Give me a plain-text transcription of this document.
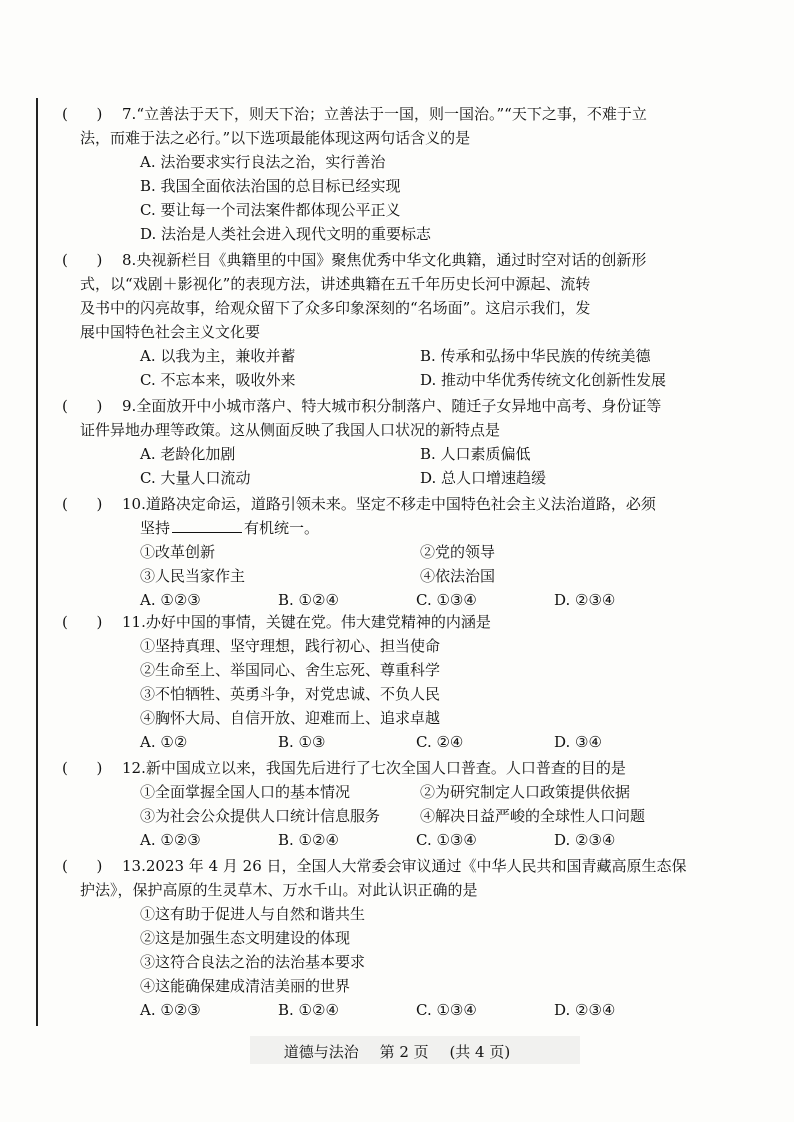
(      )	7.“立善法于天下，则天下治；立善法于一国，则一国治。”“天下之事，不难于立
法，而难于法之必行。”以下选项最能体现这两句话含义的是
A. 法治要求实行良法之治，实行善治
B. 我国全面依法治国的总目标已经实现
C. 要让每一个司法案件都体现公平正义
D. 法治是人类社会进入现代文明的重要标志
(      )	8.央视新栏目《典籍里的中国》聚焦优秀中华文化典籍，通过时空对话的创新形
式，以“戏剧＋影视化”的表现方法，讲述典籍在五千年历史长河中源起、流转
及书中的闪亮故事，给观众留下了众多印象深刻的“名场面”。这启示我们，发
展中国特色社会主义文化要
A. 以我为主，兼收并蓄	B. 传承和弘扬中华民族的传统美德
C. 不忘本来，吸收外来	D. 推动中华优秀传统文化创新性发展
(      )	9.全面放开中小城市落户、特大城市积分制落户、随迁子女异地中高考、身份证等
证件异地办理等政策。这从侧面反映了我国人口状况的新特点是
A. 老龄化加剧	B. 人口素质偏低
C. 大量人口流动	D. 总人口增速趋缓
(      )	10.道路决定命运，道路引领未来。坚定不移走中国特色社会主义法治道路，必须
坚持	有机统一。
①改革创新	②党的领导
③人民当家作主	④依法治国
A. ①②③	B. ①②④	C. ①③④	D. ②③④
(      )	11.办好中国的事情，关键在党。伟大建党精神的内涵是
①坚持真理、坚守理想，践行初心、担当使命
②生命至上、举国同心、舍生忘死、尊重科学
③不怕牺牲、英勇斗争，对党忠诚、不负人民
④胸怀大局、自信开放、迎难而上、追求卓越
A. ①②	B. ①③	C. ②④	D. ③④
(      )	12.新中国成立以来，我国先后进行了七次全国人口普查。人口普查的目的是
①全面掌握全国人口的基本情况	②为研究制定人口政策提供依据
③为社会公众提供人口统计信息服务	④解决日益严峻的全球性人口问题
A. ①②③	B. ①②④	C. ①③④	D. ②③④
(      )	13.2023 年 4 月 26 日，全国人大常委会审议通过《中华人民共和国青藏高原生态保
护法》，保护高原的生灵草木、万水千山。对此认识正确的是
①这有助于促进人与自然和谐共生
②这是加强生态文明建设的体现
③这符合良法之治的法治基本要求
④这能确保建成清洁美丽的世界
A. ①②③	B. ①②④	C. ①③④	D. ②③④
道德与法治 第 2 页 (共 4 页)
